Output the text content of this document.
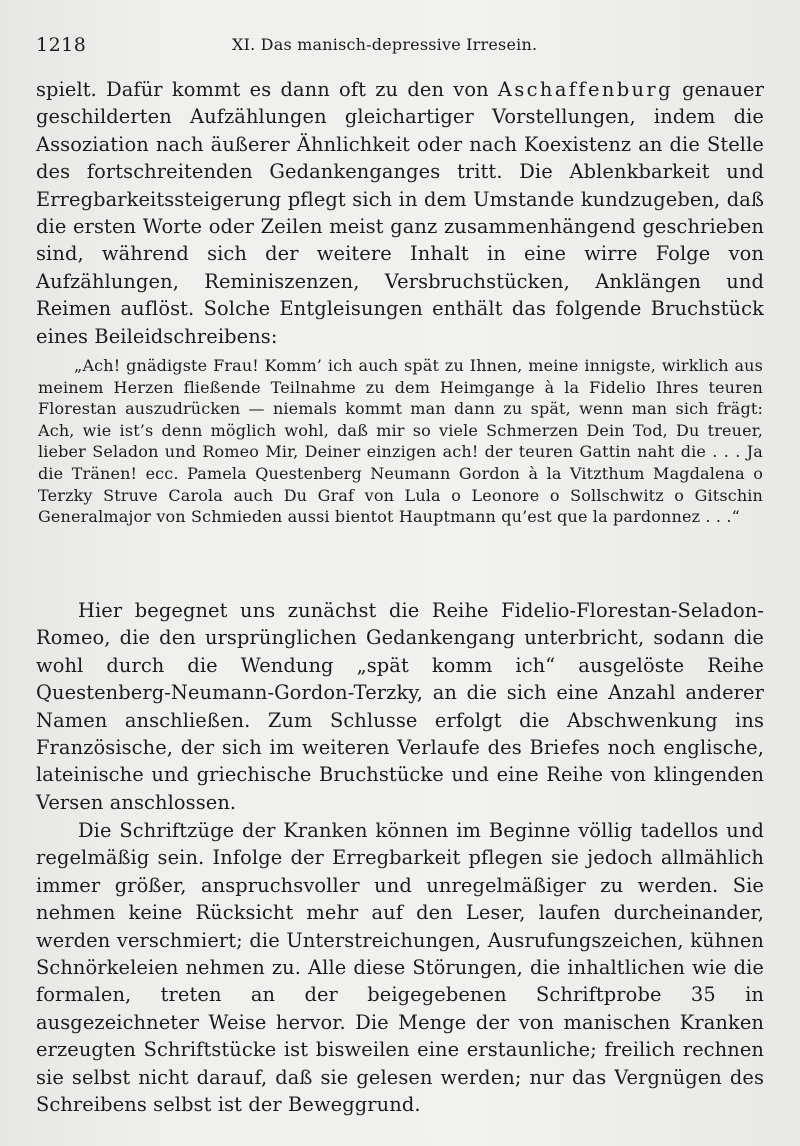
1218	XI. Das manisch-depressive Irresein.

spielt. Dafür kommt es dann oft zu den von Aschaffenburg genauer geschilderten Aufzählungen gleichartiger Vorstellungen, indem die Assoziation nach äußerer Ähnlichkeit oder nach Koexistenz an die Stelle des fortschreitenden Gedankenganges tritt. Die Ablenkbarkeit und Erregbarkeitssteigerung pflegt sich in dem Umstande kundzugeben, daß die ersten Worte oder Zeilen meist ganz zusammenhängend geschrieben sind, während sich der weitere Inhalt in eine wirre Folge von Aufzählungen, Reminiszenzen, Versbruchstücken, Anklängen und Reimen auflöst. Solche Entgleisungen enthält das folgende Bruchstück eines Beileidschreibens:

„Ach! gnädigste Frau! Komm’ ich auch spät zu Ihnen, meine innigste, wirklich aus meinem Herzen fließende Teilnahme zu dem Heimgange à la Fidelio Ihres teuren Florestan auszudrücken — niemals kommt man dann zu spät, wenn man sich frägt: Ach, wie ist’s denn möglich wohl, daß mir so viele Schmerzen Dein Tod, Du treuer, lieber Seladon und Romeo Mir, Deiner einzigen ach! der teuren Gattin naht die . . . Ja die Tränen! ecc. Pamela Questenberg Neumann Gordon à la Vitzthum Magdalena o Terzky Struve Carola auch Du Graf von Lula o Leonore o Sollschwitz o Gitschin Generalmajor von Schmieden aussi bientot Hauptmann qu’est que la pardonnez . . .“

Hier begegnet uns zunächst die Reihe Fidelio-Florestan-Seladon-Romeo, die den ursprünglichen Gedankengang unterbricht, sodann die wohl durch die Wendung „spät komm ich“ ausgelöste Reihe Questenberg-Neumann-Gordon-Terzky, an die sich eine Anzahl anderer Namen anschließen. Zum Schlusse erfolgt die Abschwenkung ins Französische, der sich im weiteren Verlaufe des Briefes noch englische, lateinische und griechische Bruchstücke und eine Reihe von klingenden Versen anschlossen.

Die Schriftzüge der Kranken können im Beginne völlig tadellos und regelmäßig sein. Infolge der Erregbarkeit pflegen sie jedoch allmählich immer größer, anspruchsvoller und unregelmäßiger zu werden. Sie nehmen keine Rücksicht mehr auf den Leser, laufen durcheinander, werden verschmiert; die Unterstreichungen, Ausrufungszeichen, kühnen Schnörkeleien nehmen zu. Alle diese Störungen, die inhaltlichen wie die formalen, treten an der beigegebenen Schriftprobe 35 in ausgezeichneter Weise hervor. Die Menge der von manischen Kranken erzeugten Schriftstücke ist bisweilen eine erstaunliche; freilich rechnen sie selbst nicht darauf, daß sie gelesen werden; nur das Vergnügen des Schreibens selbst ist der Beweggrund.
